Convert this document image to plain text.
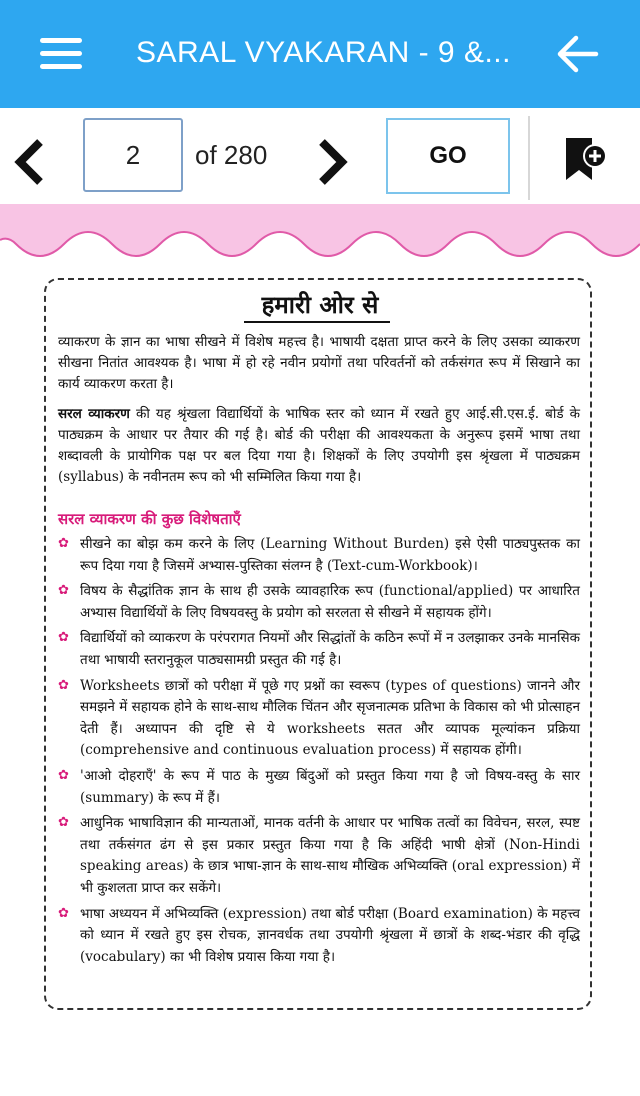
SARAL VYAKARAN - 9 &...
2	of 280	GO
हमारी ओर से
व्याकरण के ज्ञान का भाषा सीखने में विशेष महत्त्व है। भाषायी दक्षता प्राप्त करने के लिए उसका व्याकरण सीखना नितांत आवश्यक है। भाषा में हो रहे नवीन प्रयोगों तथा परिवर्तनों को तर्कसंगत रूप में सिखाने का कार्य व्याकरण करता है।
सरल व्याकरण की यह श्रृंखला विद्यार्थियों के भाषिक स्तर को ध्यान में रखते हुए आई.सी.एस.ई. बोर्ड के पाठ्यक्रम के आधार पर तैयार की गई है। बोर्ड की परीक्षा की आवश्यकता के अनुरूप इसमें भाषा तथा शब्दावली के प्रायोगिक पक्ष पर बल दिया गया है। शिक्षकों के लिए उपयोगी इस श्रृंखला में पाठ्यक्रम (syllabus) के नवीनतम रूप को भी सम्मिलित किया गया है।
सरल व्याकरण की कुछ विशेषताएँ
✿ सीखने का बोझ कम करने के लिए (Learning Without Burden) इसे ऐसी पाठ्यपुस्तक का रूप दिया गया है जिसमें अभ्यास-पुस्तिका संलग्न है (Text-cum-Workbook)।
✿ विषय के सैद्धांतिक ज्ञान के साथ ही उसके व्यावहारिक रूप (functional/applied) पर आधारित अभ्यास विद्यार्थियों के लिए विषयवस्तु के प्रयोग को सरलता से सीखने में सहायक होंगे।
✿ विद्यार्थियों को व्याकरण के परंपरागत नियमों और सिद्धांतों के कठिन रूपों में न उलझाकर उनके मानसिक तथा भाषायी स्तरानुकूल पाठ्यसामग्री प्रस्तुत की गई है।
✿ Worksheets छात्रों को परीक्षा में पूछे गए प्रश्नों का स्वरूप (types of questions) जानने और समझने में सहायक होने के साथ-साथ मौलिक चिंतन और सृजनात्मक प्रतिभा के विकास को भी प्रोत्साहन देती हैं। अध्यापन की दृष्टि से ये worksheets सतत और व्यापक मूल्यांकन प्रक्रिया (comprehensive and continuous evaluation process) में सहायक होंगी।
✿ 'आओ दोहराएँ' के रूप में पाठ के मुख्य बिंदुओं को प्रस्तुत किया गया है जो विषय-वस्तु के सार (summary) के रूप में हैं।
✿ आधुनिक भाषाविज्ञान की मान्यताओं, मानक वर्तनी के आधार पर भाषिक तत्वों का विवेचन, सरल, स्पष्ट तथा तर्कसंगत ढंग से इस प्रकार प्रस्तुत किया गया है कि अहिंदी भाषी क्षेत्रों (Non-Hindi speaking areas) के छात्र भाषा-ज्ञान के साथ-साथ मौखिक अभिव्यक्ति (oral expression) में भी कुशलता प्राप्त कर सकेंगे।
✿ भाषा अध्ययन में अभिव्यक्ति (expression) तथा बोर्ड परीक्षा (Board examination) के महत्त्व को ध्यान में रखते हुए इस रोचक, ज्ञानवर्धक तथा उपयोगी श्रृंखला में छात्रों के शब्द-भंडार की वृद्धि (vocabulary) का भी विशेष प्रयास किया गया है।
